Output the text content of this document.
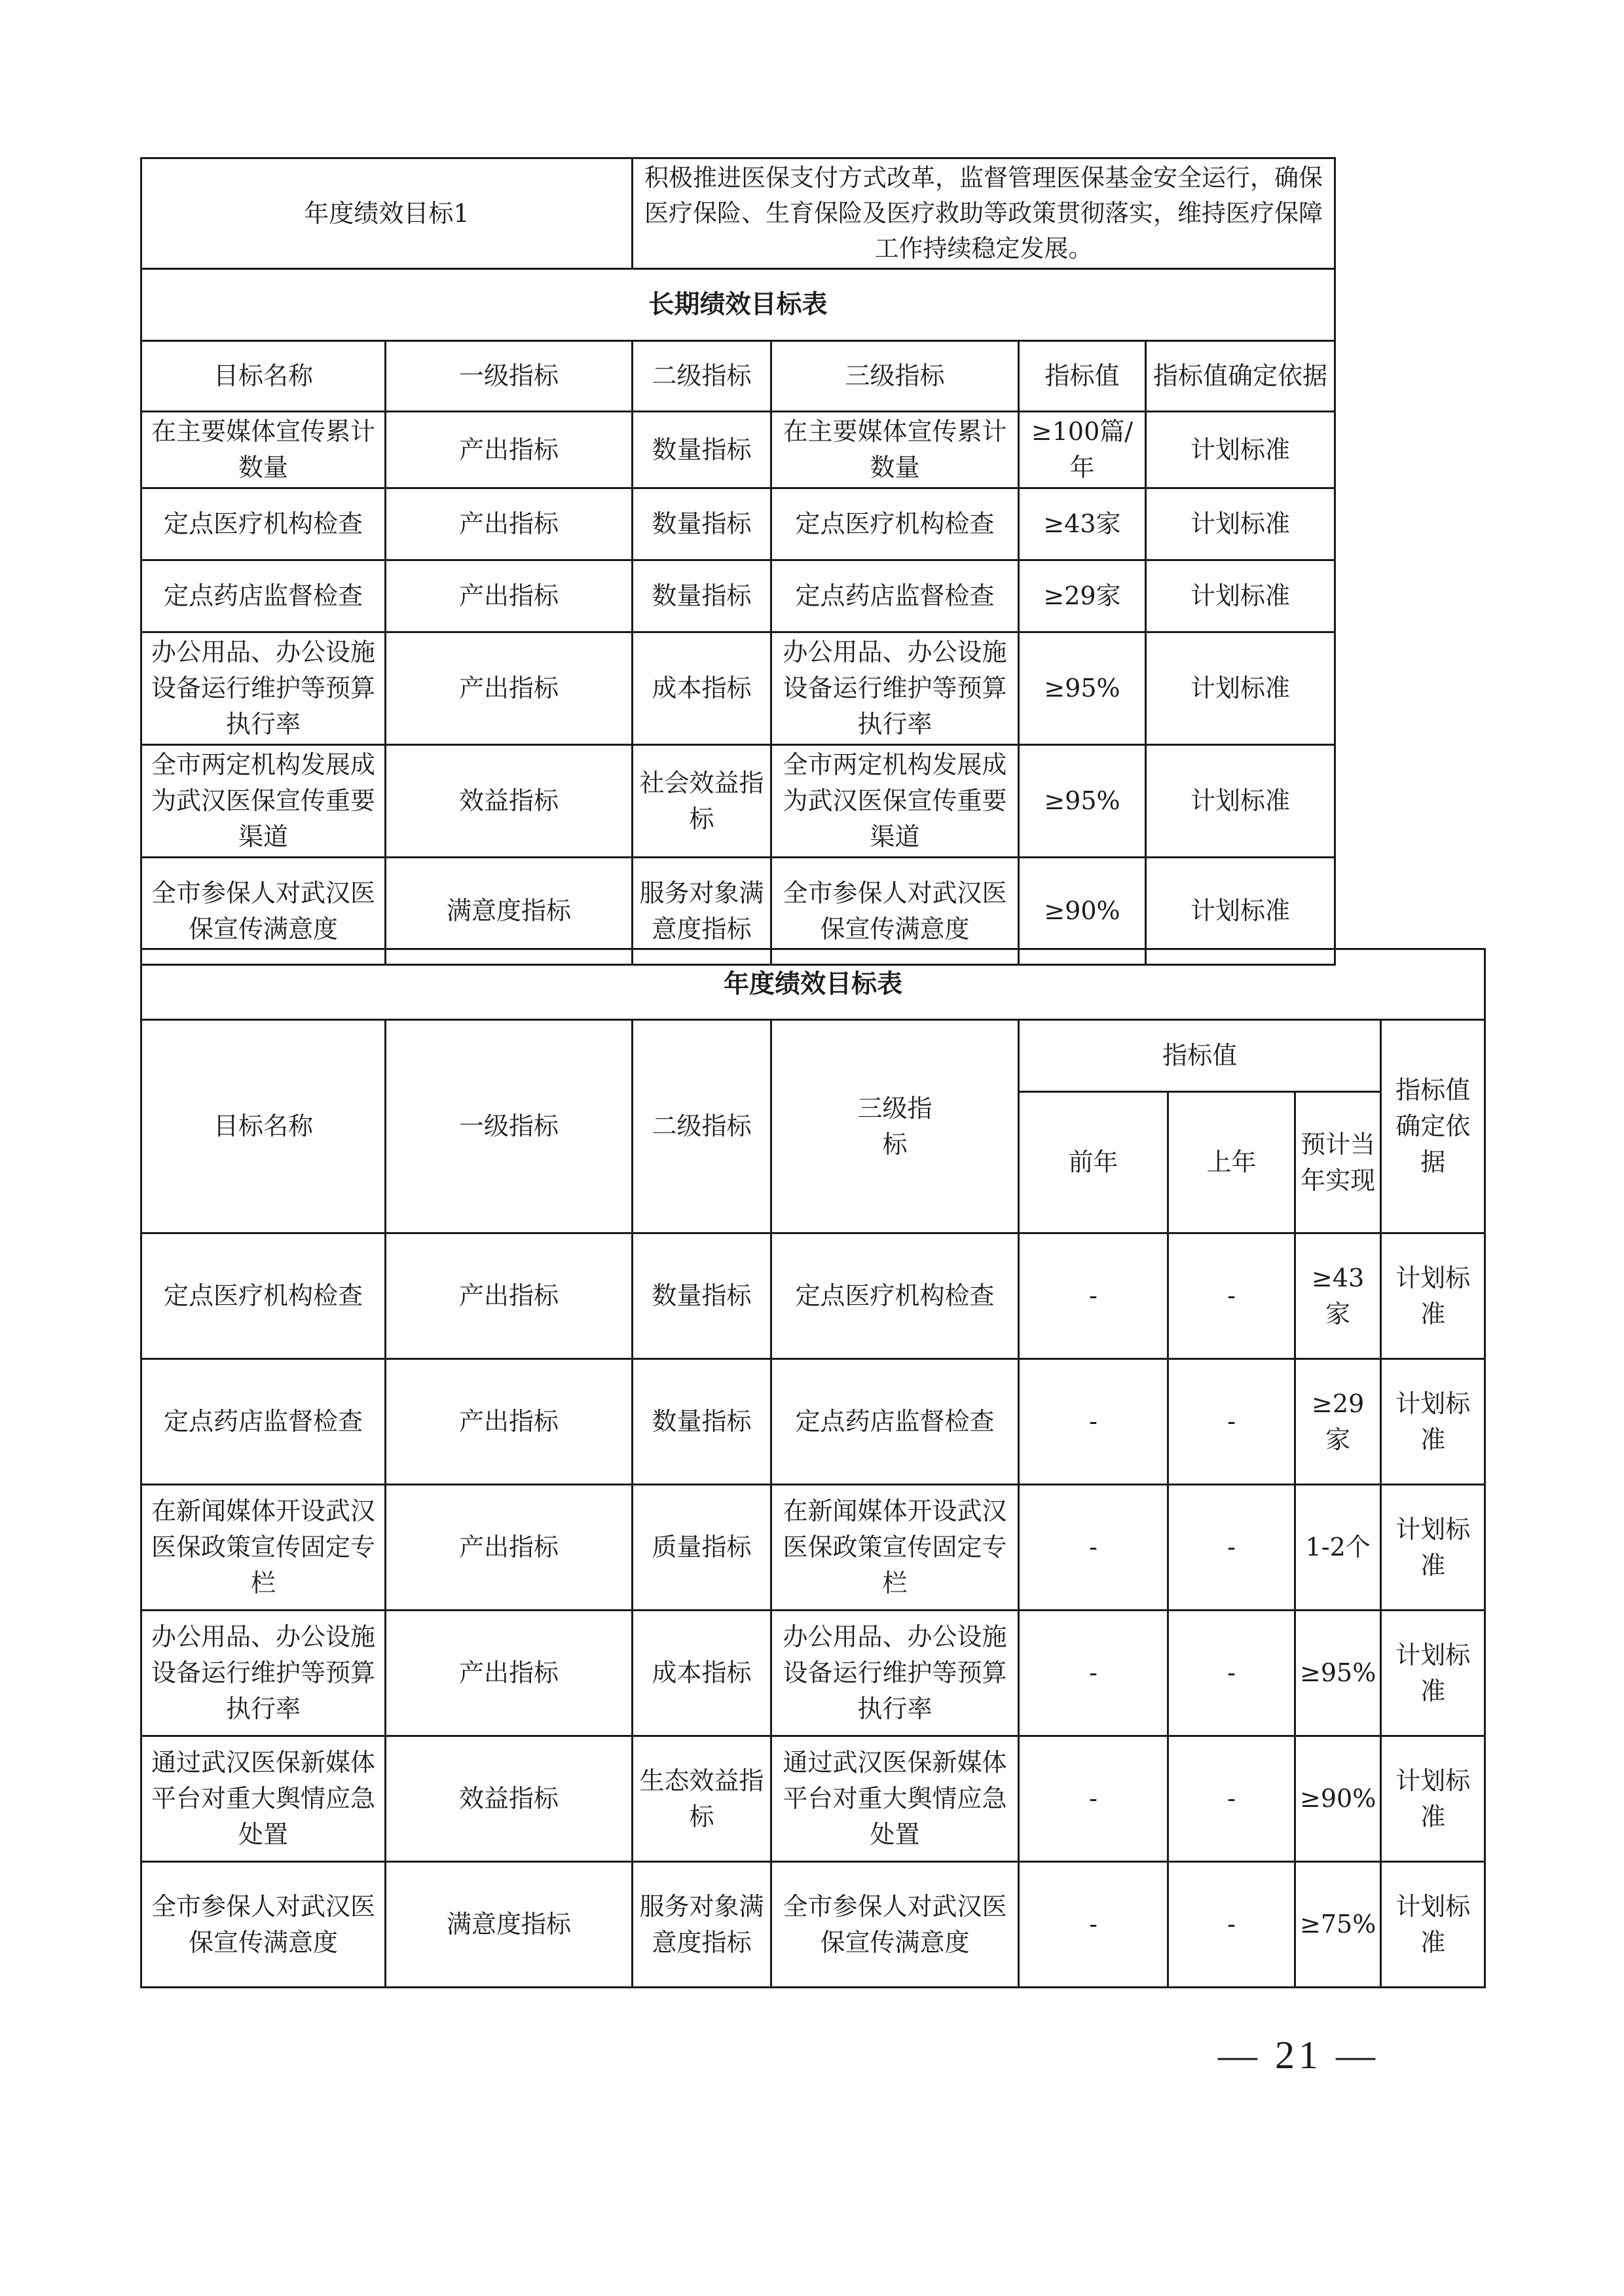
年度绩效目标1		积极推进医保支付方式改革，监督管理医保基金安全运行，确保医疗保险、生育保险及医疗救助等政策贯彻落实，维持医疗保障工作持续稳定发展。			
长期绩效目标表					
目标名称	一级指标	二级指标	三级指标	指标值	指标值确定依据
在主要媒体宣传累计数量	产出指标	数量指标	在主要媒体宣传累计数量	≥100篇/年	计划标准
定点医疗机构检查	产出指标	数量指标	定点医疗机构检查	≥43家	计划标准
定点药店监督检查	产出指标	数量指标	定点药店监督检查	≥29家	计划标准
办公用品、办公设施设备运行维护等预算执行率	产出指标	成本指标	办公用品、办公设施设备运行维护等预算执行率	≥95%	计划标准
全市两定机构发展成为武汉医保宣传重要渠道	效益指标	社会效益指标	全市两定机构发展成为武汉医保宣传重要渠道	≥95%	计划标准
全市参保人对武汉医保宣传满意度	满意度指标	服务对象满意度指标	全市参保人对武汉医保宣传满意度	≥90%	计划标准
年度绩效目标表							
目标名称	一级指标	二级指标	三级指标	指标值			指标值确定依据
				前年	上年	预计当年实现	
定点医疗机构检查	产出指标	数量指标	定点医疗机构检查	-	-	≥43家	计划标准
定点药店监督检查	产出指标	数量指标	定点药店监督检查	-	-	≥29家	计划标准
在新闻媒体开设武汉医保政策宣传固定专栏	产出指标	质量指标	在新闻媒体开设武汉医保政策宣传固定专栏	-	-	1-2个	计划标准
办公用品、办公设施设备运行维护等预算执行率	产出指标	成本指标	办公用品、办公设施设备运行维护等预算执行率	-	-	≥95%	计划标准
通过武汉医保新媒体平台对重大舆情应急处置	效益指标	生态效益指标	通过武汉医保新媒体平台对重大舆情应急处置	-	-	≥90%	计划标准
全市参保人对武汉医保宣传满意度	满意度指标	服务对象满意度指标	全市参保人对武汉医保宣传满意度	-	-	≥75%	计划标准
— 21 —
